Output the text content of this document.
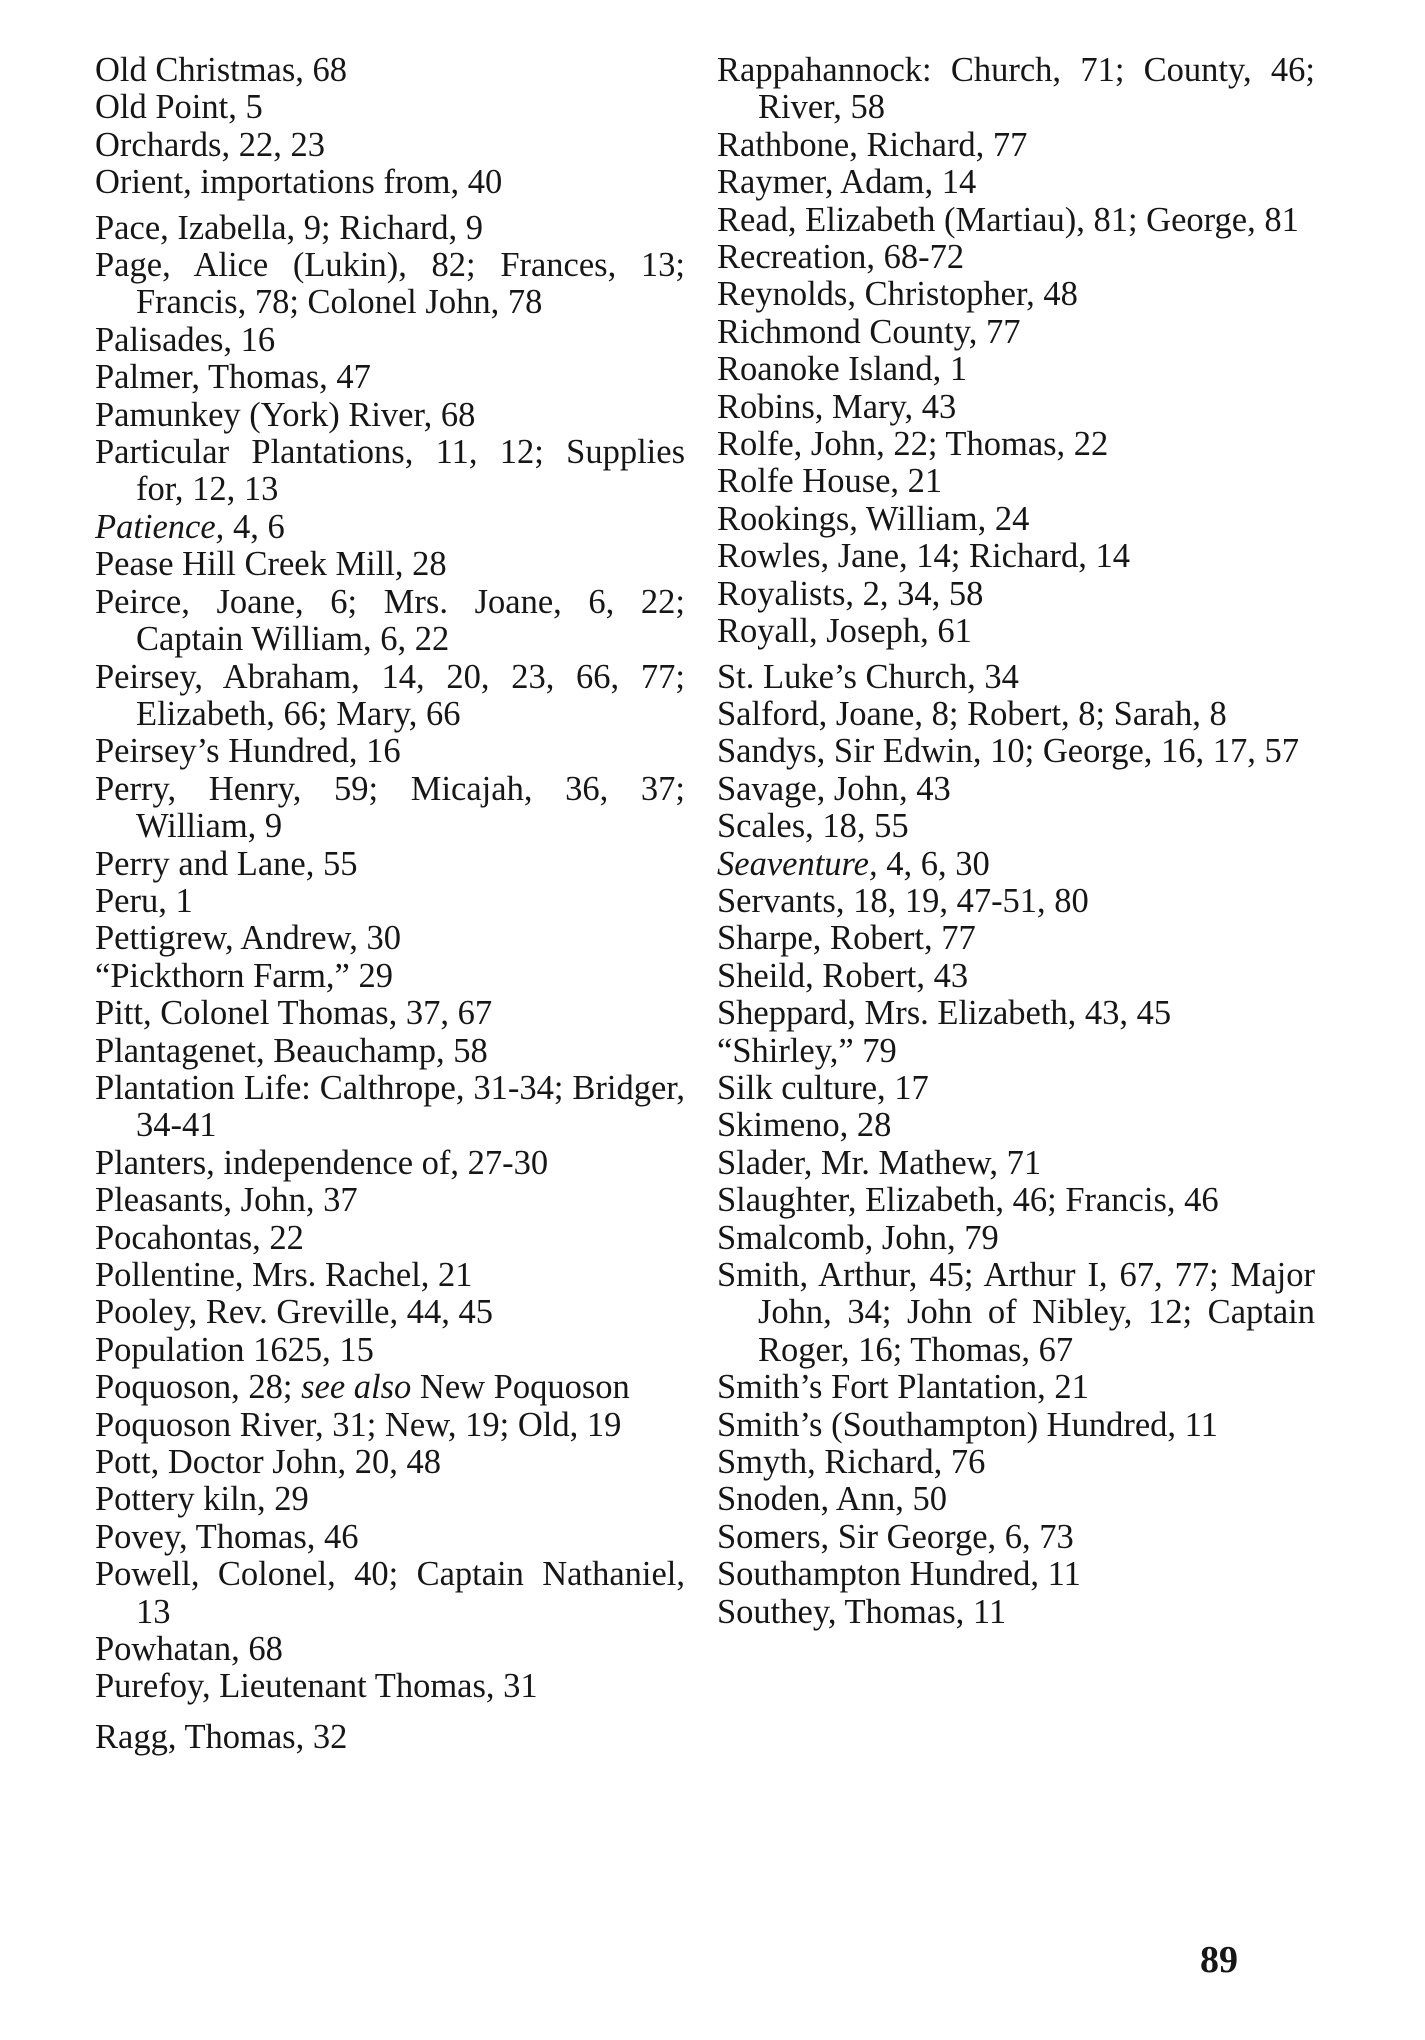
Old Christmas, 68

Old Point, 5

Orchards, 22, 23

Orient, importations from, 40

Pace, Izabella, 9; Richard, 9

Page, Alice (Lukin), 82; Frances, 13; Francis, 78; Colonel John, 78

Palisades, 16

Palmer, Thomas, 47

Pamunkey (York) River, 68

Particular Plantations, 11, 12; Supplies for, 12, 13

Patience, 4, 6

Pease Hill Creek Mill, 28

Peirce, Joane, 6; Mrs. Joane, 6, 22; Captain William, 6, 22

Peirsey, Abraham, 14, 20, 23, 66, 77; Elizabeth, 66; Mary, 66

Peirsey’s Hundred, 16

Perry, Henry, 59; Micajah, 36, 37; William, 9

Perry and Lane, 55

Peru, 1

Pettigrew, Andrew, 30

“Pickthorn Farm,” 29

Pitt, Colonel Thomas, 37, 67

Plantagenet, Beauchamp, 58

Plantation Life: Calthrope, 31-34; Bridger, 34-41

Planters, independence of, 27-30

Pleasants, John, 37

Pocahontas, 22

Pollentine, Mrs. Rachel, 21

Pooley, Rev. Greville, 44, 45

Population 1625, 15

Poquoson, 28; see also New Poquoson

Poquoson River, 31; New, 19; Old, 19

Pott, Doctor John, 20, 48

Pottery kiln, 29

Povey, Thomas, 46

Powell, Colonel, 40; Captain Nathaniel, 13

Powhatan, 68

Purefoy, Lieutenant Thomas, 31

Ragg, Thomas, 32

Rappahannock: Church, 71; County, 46; River, 58

Rathbone, Richard, 77

Raymer, Adam, 14

Read, Elizabeth (Martiau), 81; George, 81

Recreation, 68-72

Reynolds, Christopher, 48

Richmond County, 77

Roanoke Island, 1

Robins, Mary, 43

Rolfe, John, 22; Thomas, 22

Rolfe House, 21

Rookings, William, 24

Rowles, Jane, 14; Richard, 14

Royalists, 2, 34, 58

Royall, Joseph, 61

St. Luke’s Church, 34

Salford, Joane, 8; Robert, 8; Sarah, 8

Sandys, Sir Edwin, 10; George, 16, 17, 57

Savage, John, 43

Scales, 18, 55

Seaventure, 4, 6, 30

Servants, 18, 19, 47-51, 80

Sharpe, Robert, 77

Sheild, Robert, 43

Sheppard, Mrs. Elizabeth, 43, 45

“Shirley,” 79

Silk culture, 17

Skimeno, 28

Slader, Mr. Mathew, 71

Slaughter, Elizabeth, 46; Francis, 46

Smalcomb, John, 79

Smith, Arthur, 45; Arthur I, 67, 77; Major John, 34; John of Nibley, 12; Captain Roger, 16; Thomas, 67

Smith’s Fort Plantation, 21

Smith’s (Southampton) Hundred, 11

Smyth, Richard, 76

Snoden, Ann, 50

Somers, Sir George, 6, 73

Southampton Hundred, 11

Southey, Thomas, 11

89
